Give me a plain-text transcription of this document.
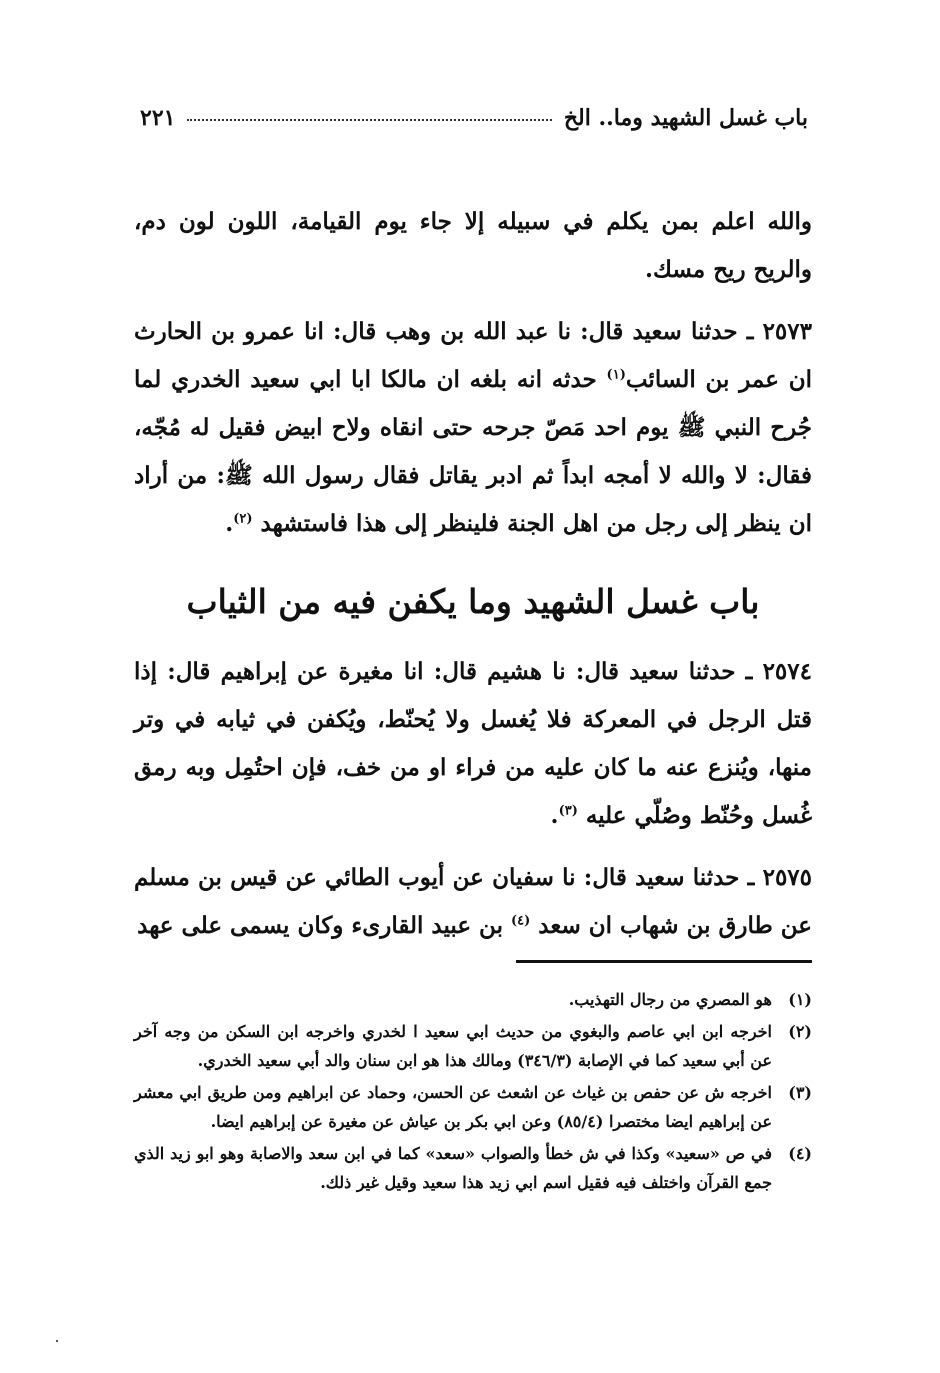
باب غسل الشهيد وما.. الخ
٢٢١

والله اعلم بمن يكلم في سبيله إلا جاء يوم القيامة، اللون لون دم، والريح ريح مسك.

٢٥٧٣ ـ حدثنا سعيد قال: نا عبد الله بن وهب قال: انا عمرو بن الحارث ان عمر بن السائب$^{(١)}$ حدثه انه بلغه ان مالكا ابا ابي سعيد الخدري لما جُرح النبي ﷺ يوم احد مَصّ جرحه حتى انقاه ولاح ابيض فقيل له مُجّه، فقال: لا والله لا أمجه ابداً ثم ادبر يقاتل فقال رسول الله ﷺ: من أراد ان ينظر إلى رجل من اهل الجنة فلينظر إلى هذا فاستشهد $^{(٢)}$.

باب غسل الشهيد وما يكفن فيه من الثياب

٢٥٧٤ ـ حدثنا سعيد قال: نا هشيم قال: انا مغيرة عن إبراهيم قال: إذا قتل الرجل في المعركة فلا يُغسل ولا يُحنّط، ويُكفن في ثيابه في وتر منها، ويُنزع عنه ما كان عليه من فراء او من خف، فإن احتُمِل وبه رمق غُسل وحُنّط وصُلّي عليه $^{(٣)}$.

٢٥٧٥ ـ حدثنا سعيد قال: نا سفيان عن أيوب الطائي عن قيس بن مسلم عن طارق بن شهاب ان سعد $^{(٤)}$ بن عبيد القارىء وكان يسمى على عهد

(١)
هو المصري من رجال التهذيب.
(٢)
اخرجه ابن ابي عاصم والبغوي من حديث ابي سعيد ا لخدري واخرجه ابن السكن من وجه آخر عن أبي سعيد كما في الإصابة (٣٤٦/٣) ومالك هذا هو ابن سنان والد أبي سعيد الخدري.
(٣)
اخرجه ش عن حفص بن غياث عن اشعث عن الحسن، وحماد عن ابراهيم ومن طريق ابي معشر عن إبراهيم ايضا مختصرا (٨٥/٤) وعن ابي بكر بن عياش عن مغيرة عن إبراهيم ايضا.
(٤)
في ص «سعيد» وكذا في ش خطأ والصواب «سعد» كما في ابن سعد والاصابة وهو ابو زيد الذي جمع القرآن واختلف فيه فقيل اسم ابي زيد هذا سعيد وقيل غير ذلك.
